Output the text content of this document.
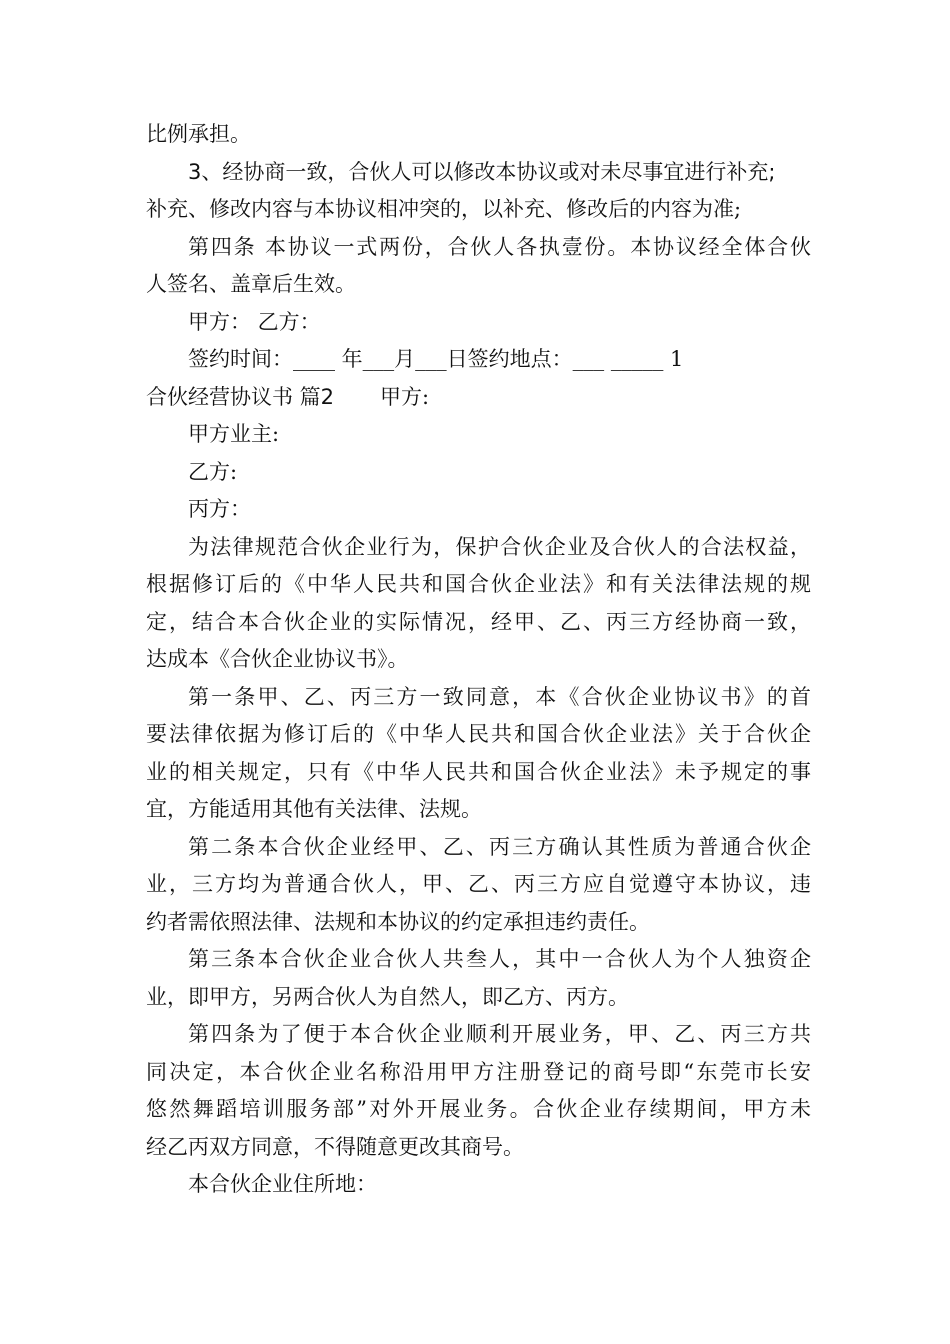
比例承担。

3、经协商一致，合伙人可以修改本协议或对未尽事宜进行补充;

补充、修改内容与本协议相冲突的，以补充、修改后的内容为准;

第四条 本协议一式两份，合伙人各执壹份。本协议经全体合伙

人签名、盖章后生效。

甲方： 乙方：

签约时间：____ 年___月___日签约地点：___ _____ 1

合伙经营协议书 篇2 甲方:

甲方业主:

乙方:

丙方：

为法律规范合伙企业行为，保护合伙企业及合伙人的合法权益，

根据修订后的《中华人民共和国合伙企业法》和有关法律法规的规

定，结合本合伙企业的实际情况，经甲、乙、丙三方经协商一致，

达成本《合伙企业协议书》。

第一条甲、乙、丙三方一致同意，本《合伙企业协议书》的首

要法律依据为修订后的《中华人民共和国合伙企业法》关于合伙企

业的相关规定，只有《中华人民共和国合伙企业法》未予规定的事

宜，方能适用其他有关法律、法规。

第二条本合伙企业经甲、乙、丙三方确认其性质为普通合伙企

业，三方均为普通合伙人，甲、乙、丙三方应自觉遵守本协议，违

约者需依照法律、法规和本协议的约定承担违约责任。

第三条本合伙企业合伙人共叁人，其中一合伙人为个人独资企

业，即甲方，另两合伙人为自然人，即乙方、丙方。

第四条为了便于本合伙企业顺利开展业务，甲、乙、丙三方共

同决定，本合伙企业名称沿用甲方注册登记的商号即“东莞市长安

悠然舞蹈培训服务部”对外开展业务。合伙企业存续期间，甲方未

经乙丙双方同意，不得随意更改其商号。

本合伙企业住所地：
